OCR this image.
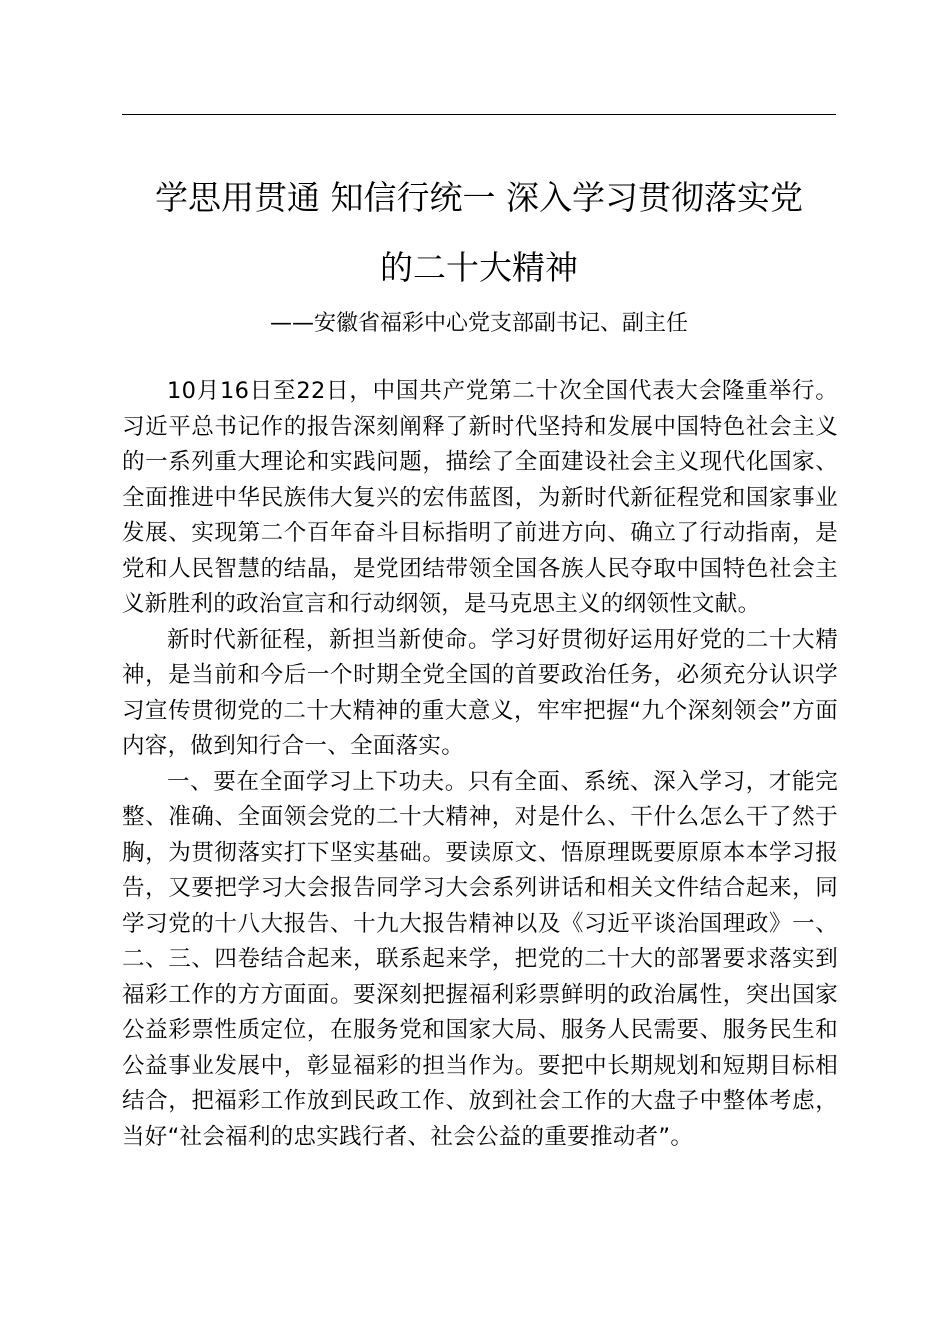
学思用贯通 知信行统一 深入学习贯彻落实党
的二十大精神

——安徽省福彩中心党支部副书记、副主任

10月16日至22日，中国共产党第二十次全国代表大会隆重举行。习近平总书记作的报告深刻阐释了新时代坚持和发展中国特色社会主义的一系列重大理论和实践问题，描绘了全面建设社会主义现代化国家、全面推进中华民族伟大复兴的宏伟蓝图，为新时代新征程党和国家事业发展、实现第二个百年奋斗目标指明了前进方向、确立了行动指南，是党和人民智慧的结晶，是党团结带领全国各族人民夺取中国特色社会主义新胜利的政治宣言和行动纲领，是马克思主义的纲领性文献。

新时代新征程，新担当新使命。学习好贯彻好运用好党的二十大精神，是当前和今后一个时期全党全国的首要政治任务，必须充分认识学习宣传贯彻党的二十大精神的重大意义，牢牢把握“九个深刻领会”方面内容，做到知行合一、全面落实。

一、要在全面学习上下功夫。只有全面、系统、深入学习，才能完整、准确、全面领会党的二十大精神，对是什么、干什么怎么干了然于胸，为贯彻落实打下坚实基础。要读原文、悟原理既要原原本本学习报告，又要把学习大会报告同学习大会系列讲话和相关文件结合起来，同学习党的十八大报告、十九大报告精神以及《习近平谈治国理政》一、二、三、四卷结合起来，联系起来学，把党的二十大的部署要求落实到福彩工作的方方面面。要深刻把握福利彩票鲜明的政治属性，突出国家公益彩票性质定位，在服务党和国家大局、服务人民需要、服务民生和公益事业发展中，彰显福彩的担当作为。要把中长期规划和短期目标相结合，把福彩工作放到民政工作、放到社会工作的大盘子中整体考虑，当好“社会福利的忠实践行者、社会公益的重要推动者”。
